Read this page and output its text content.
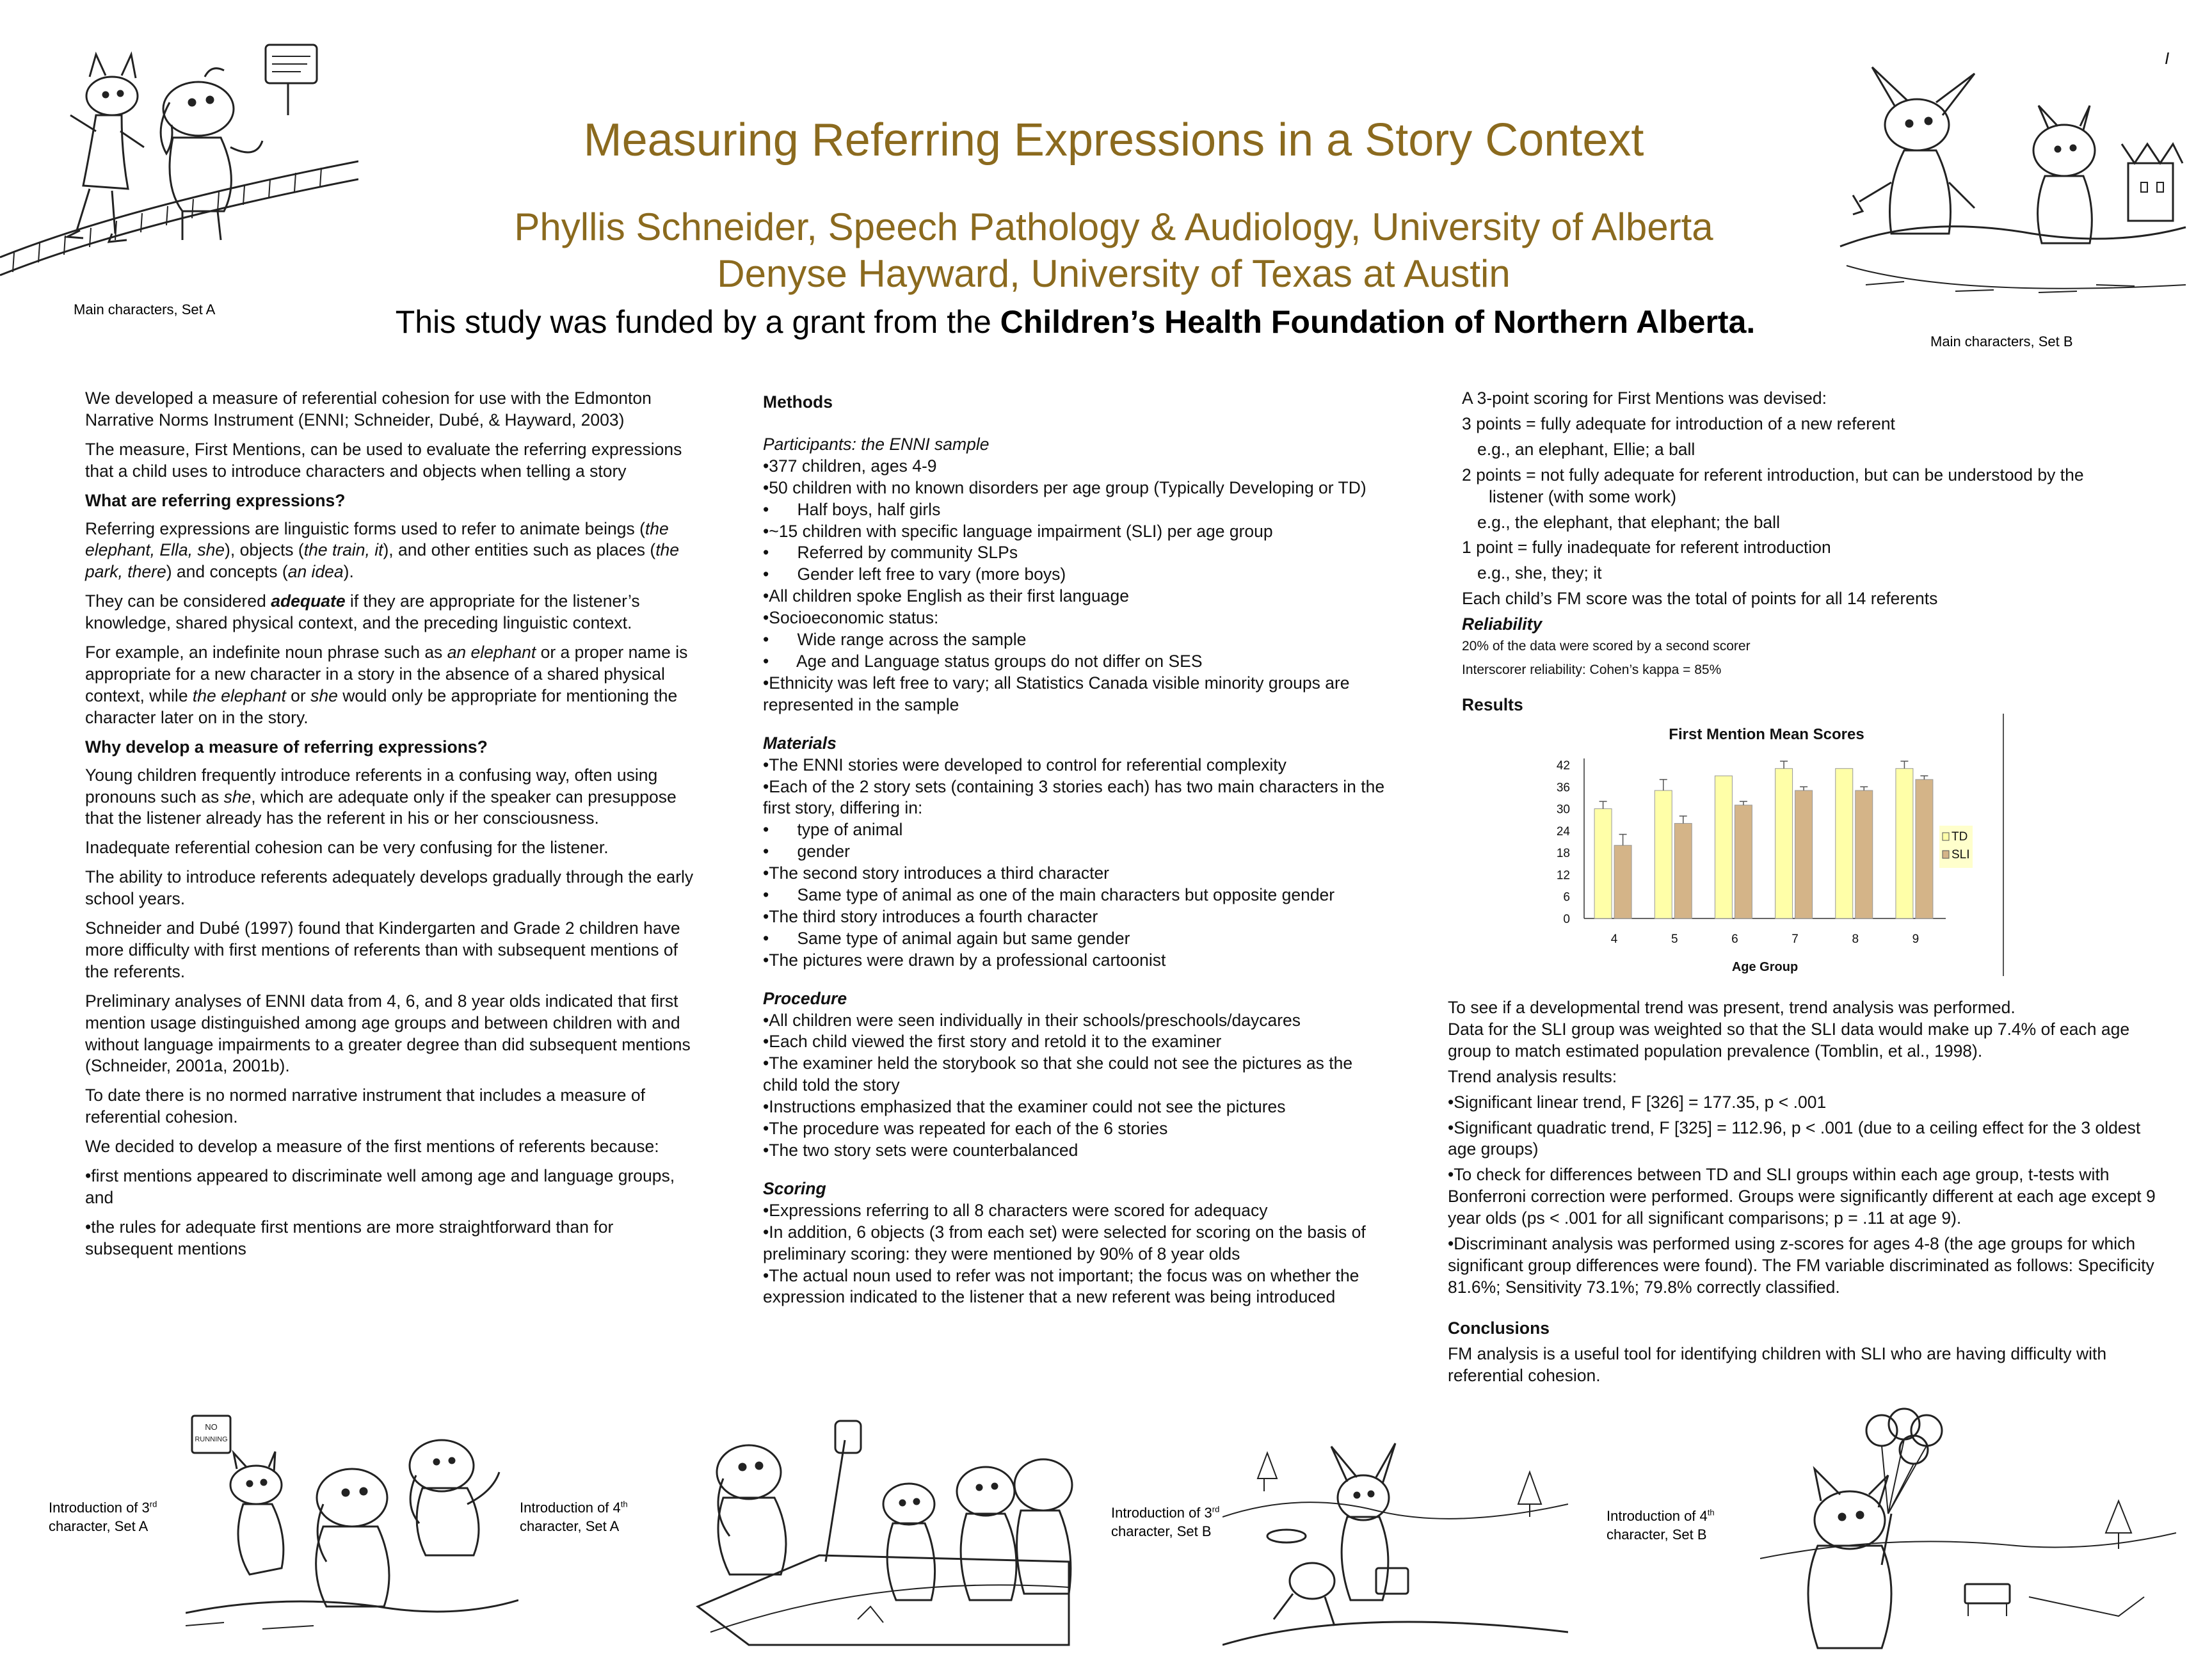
Measuring Referring Expressions in a Story Context
Phyllis Schneider, Speech Pathology & Audiology, University of Alberta
Denyse Hayward, University of Texas at Austin
This study was funded by a grant from the Children’s Health Foundation of Northern Alberta.
I
Main characters, Set A
Main characters, Set B

We developed a measure of referential cohesion for use with the Edmonton Narrative Norms Instrument (ENNI; Schneider, Dubé, & Hayward, 2003)

The measure, First Mentions, can be used to evaluate the referring expressions that a child uses to introduce characters and objects when telling a story

What are referring expressions?

Referring expressions are linguistic forms used to refer to animate beings (the elephant, Ella, she), objects (the train, it), and other entities such as places (the park, there) and concepts (an idea).

They can be considered adequate if they are appropriate for the listener’s knowledge, shared physical context, and the preceding linguistic context.

For example, an indefinite noun phrase such as an elephant or a proper name is appropriate for a new character in a story in the absence of a shared physical context, while the elephant or she would only be appropriate for mentioning the character later on in the story.

Why develop a measure of referring expressions?

Young children frequently introduce referents in a confusing way, often using pronouns such as she, which are adequate only if the speaker can presuppose that the listener already has the referent in his or her consciousness.

Inadequate referential cohesion can be very confusing for the listener.

The ability to introduce referents adequately develops gradually through the early school years.

Schneider and Dubé (1997) found that Kindergarten and Grade 2 children have more difficulty with first mentions of referents than with subsequent mentions of the referents.

Preliminary analyses of ENNI data from 4, 6, and 8 year olds indicated that first mention usage distinguished among age groups and between children with and without language impairments to a greater degree than did subsequent mentions (Schneider, 2001a, 2001b).

To date there is no normed narrative instrument that includes a measure of referential cohesion.

We decided to develop a measure of the first mentions of referents because:

•first mentions appeared to discriminate well among age and language groups, and

•the rules for adequate first mentions are more straightforward than for subsequent mentions

Methods

Participants: the ENNI sample
•377 children, ages 4-9
•50 children with no known disorders per age group (Typically Developing or TD)
•      Half boys, half girls
•~15 children with specific language impairment (SLI) per age group
•      Referred by community SLPs
•      Gender left free to vary (more boys)
•All children spoke English as their first language
•Socioeconomic status:
•      Wide range across the sample
•      Age and Language status groups do not differ on SES
•Ethnicity was left free to vary; all Statistics Canada visible minority groups are represented in the sample
Materials
•The ENNI stories were developed to control for referential complexity
•Each of the 2 story sets (containing 3 stories each) has two main characters in the first story, differing in:
•      type of animal
•      gender
•The second story introduces a third character
•      Same type of animal as one of the main characters but opposite gender
•The third story introduces a fourth character
•      Same type of animal again but same gender
•The pictures were drawn by a professional cartoonist
Procedure
•All children were seen individually in their schools/preschools/daycares
•Each child viewed the first story and retold it to the examiner
•The examiner held the storybook so that she could not see the pictures as the child told the story
•Instructions emphasized that the examiner could not see the pictures
•The procedure was repeated for each of the 6 stories
•The two story sets were counterbalanced
Scoring
•Expressions referring to all 8 characters were scored for adequacy
•In addition, 6 objects (3 from each set) were selected for scoring on the basis of preliminary scoring: they were mentioned by 90% of 8 year olds
•The actual noun used to refer was not important; the focus was on whether the expression indicated to the listener that a new referent was being introduced

A 3-point scoring for First Mentions was devised:

3 points = fully adequate for introduction of a new referent

e.g., an elephant, Ellie; a ball

2 points = not fully adequate for referent introduction, but can be understood by the listener (with some work)

e.g., the elephant, that elephant; the ball

1 point = fully inadequate for referent introduction

e.g., she, they; it

Each child’s FM score was the total of points for all 14 referents

Reliability

20% of the data were scored by a second scorer

Interscorer reliability: Cohen’s kappa = 85%

Results

First Mention Mean Scores
0
6
12
18
24
30
36
42
4	5	6	7	8	9
Age Group
TD
SLI

To see if a developmental trend was present, trend analysis was performed.

Data for the SLI group was weighted so that the SLI data would make up 7.4% of each age group to match estimated population prevalence (Tomblin, et al., 1998).

Trend analysis results:

•Significant linear trend, F [326] = 177.35, p < .001

•Significant quadratic trend, F [325] = 112.96, p < .001 (due to a ceiling effect for the 3 oldest age groups)

•To check for differences between TD and SLI groups within each age group, t-tests with Bonferroni correction were performed. Groups were significantly different at each age except 9 year olds (ps < .001 for all significant comparisons; p = .11 at age 9).

•Discriminant analysis was performed using z-scores for ages 4-8 (the age groups for which significant group differences were found). The FM variable discriminated as follows: Specificity 81.6%; Sensitivity 73.1%; 79.8% correctly classified.

Conclusions

FM analysis is a useful tool for identifying children with SLI who are having difficulty with referential cohesion.

NO
RUNNING
Introduction of 3rd
character, Set A
Introduction of 4th
character, Set A
Introduction of 3rd
character, Set B
Introduction of 4th
character, Set B
